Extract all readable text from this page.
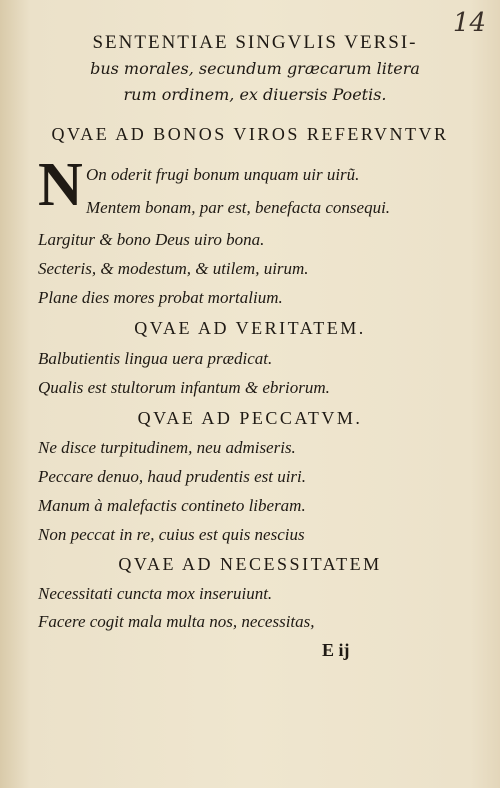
14
SENTENTIAE SINGVLIS VERSI-
bus morales, secundum græcarum litera
rum ordinem, ex diuersis Poetis.
QVAE AD BONOS VIROS REFERVNTVR
N On oderit frugi bonum unquam uir uirũ.
Mentem bonam, par est, benefacta consequi.
Largitur & bono Deus uiro bona.
Secteris, & modestum, & utilem, uirum.
Plane dies mores probat mortalium.
QVAE AD VERITATEM.
Balbutientis lingua uera prædicat.
Qualis est stultorum infantum & ebriorum.
QVAE AD PECCATVM.
Ne disce turpitudinem, neu admiseris.
Peccare denuo, haud prudentis est uiri.
Manum à malefactis contineto liberam.
Non peccat in re, cuius est quis nescius
QVAE AD NECESSITATEM
Necessitati cuncta mox inseruiunt.
Facere cogit mala multa nos, necessitas,
E ij
